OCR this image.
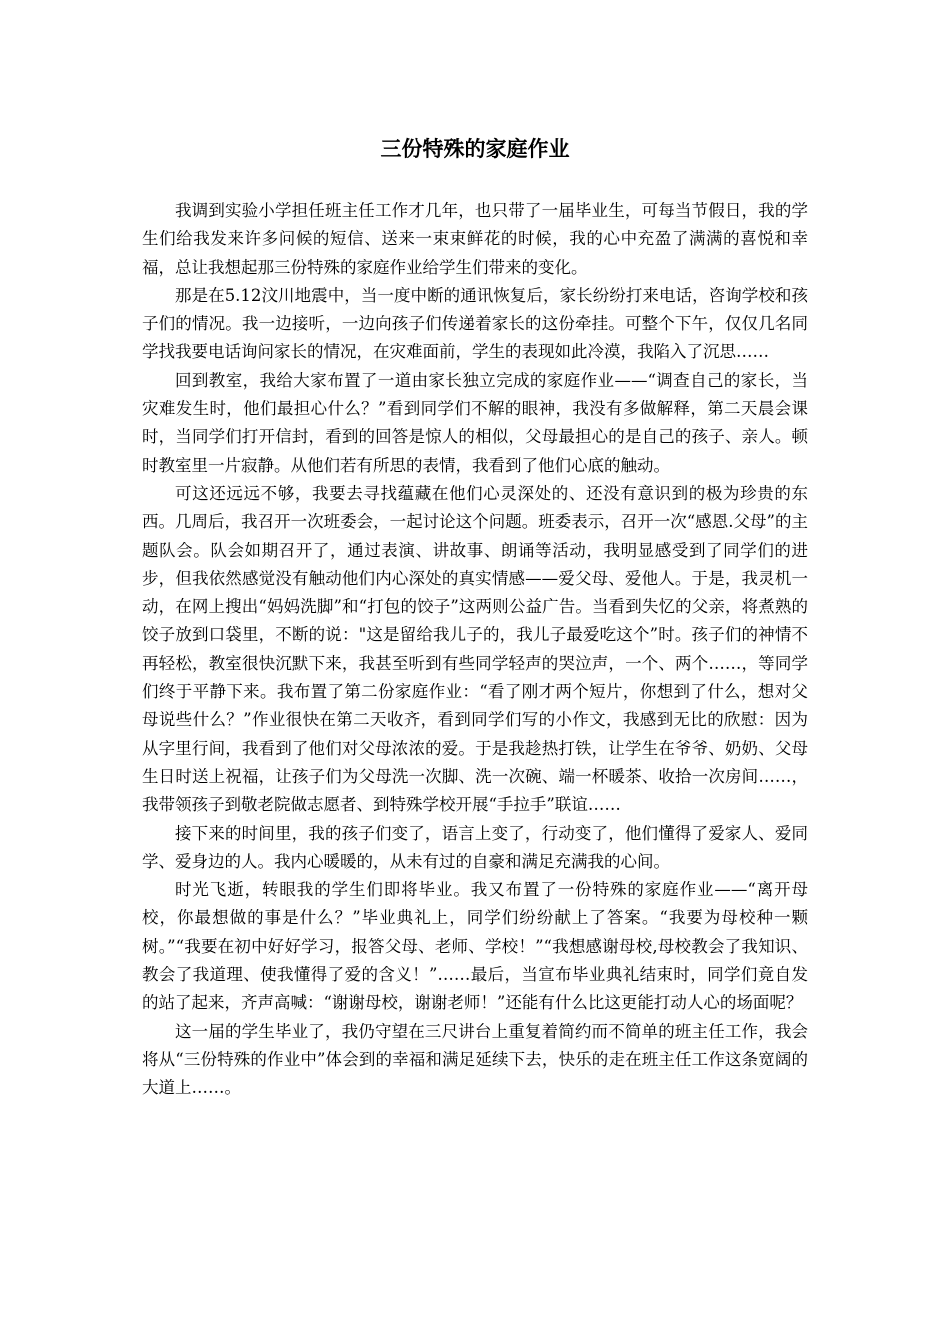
三份特殊的家庭作业

我调到实验小学担任班主任工作才几年，也只带了一届毕业生，可每当节假日，我的学生们给我发来许多问候的短信、送来一束束鲜花的时候，我的心中充盈了满满的喜悦和幸福，总让我想起那三份特殊的家庭作业给学生们带来的变化。

那是在5.12汶川地震中，当一度中断的通讯恢复后，家长纷纷打来电话，咨询学校和孩子们的情况。我一边接听，一边向孩子们传递着家长的这份牵挂。可整个下午，仅仅几名同学找我要电话询问家长的情况，在灾难面前，学生的表现如此冷漠，我陷入了沉思……

回到教室，我给大家布置了一道由家长独立完成的家庭作业——“调查自己的家长，当灾难发生时，他们最担心什么？”看到同学们不解的眼神，我没有多做解释，第二天晨会课时，当同学们打开信封，看到的回答是惊人的相似，父母最担心的是自己的孩子、亲人。顿时教室里一片寂静。从他们若有所思的表情，我看到了他们心底的触动。

可这还远远不够，我要去寻找蕴藏在他们心灵深处的、还没有意识到的极为珍贵的东西。几周后，我召开一次班委会，一起讨论这个问题。班委表示，召开一次“感恩.父母”的主题队会。队会如期召开了，通过表演、讲故事、朗诵等活动，我明显感受到了同学们的进步，但我依然感觉没有触动他们内心深处的真实情感——爱父母、爱他人。于是，我灵机一动，在网上搜出“妈妈洗脚”和“打包的饺子”这两则公益广告。当看到失忆的父亲，将煮熟的饺子放到口袋里，不断的说："这是留给我儿子的，我儿子最爱吃这个”时。孩子们的神情不再轻松，教室很快沉默下来，我甚至听到有些同学轻声的哭泣声，一个、两个……，等同学们终于平静下来。我布置了第二份家庭作业：“看了刚才两个短片，你想到了什么，想对父母说些什么？”作业很快在第二天收齐，看到同学们写的小作文，我感到无比的欣慰：因为从字里行间，我看到了他们对父母浓浓的爱。于是我趁热打铁，让学生在爷爷、奶奶、父母生日时送上祝福，让孩子们为父母洗一次脚、洗一次碗、端一杯暖茶、收拾一次房间……，我带领孩子到敬老院做志愿者、到特殊学校开展“手拉手”联谊……

接下来的时间里，我的孩子们变了，语言上变了，行动变了，他们懂得了爱家人、爱同学、爱身边的人。我内心暖暖的，从未有过的自豪和满足充满我的心间。

时光飞逝，转眼我的学生们即将毕业。我又布置了一份特殊的家庭作业——“离开母校，你最想做的事是什么？”毕业典礼上，同学们纷纷献上了答案。“我要为母校种一颗树。”“我要在初中好好学习，报答父母、老师、学校！”“我想感谢母校,母校教会了我知识、教会了我道理、使我懂得了爱的含义！”……最后，当宣布毕业典礼结束时，同学们竟自发的站了起来，齐声高喊：“谢谢母校，谢谢老师！”还能有什么比这更能打动人心的场面呢？

这一届的学生毕业了，我仍守望在三尺讲台上重复着简约而不简单的班主任工作，我会将从“三份特殊的作业中”体会到的幸福和满足延续下去，快乐的走在班主任工作这条宽阔的大道上……。
